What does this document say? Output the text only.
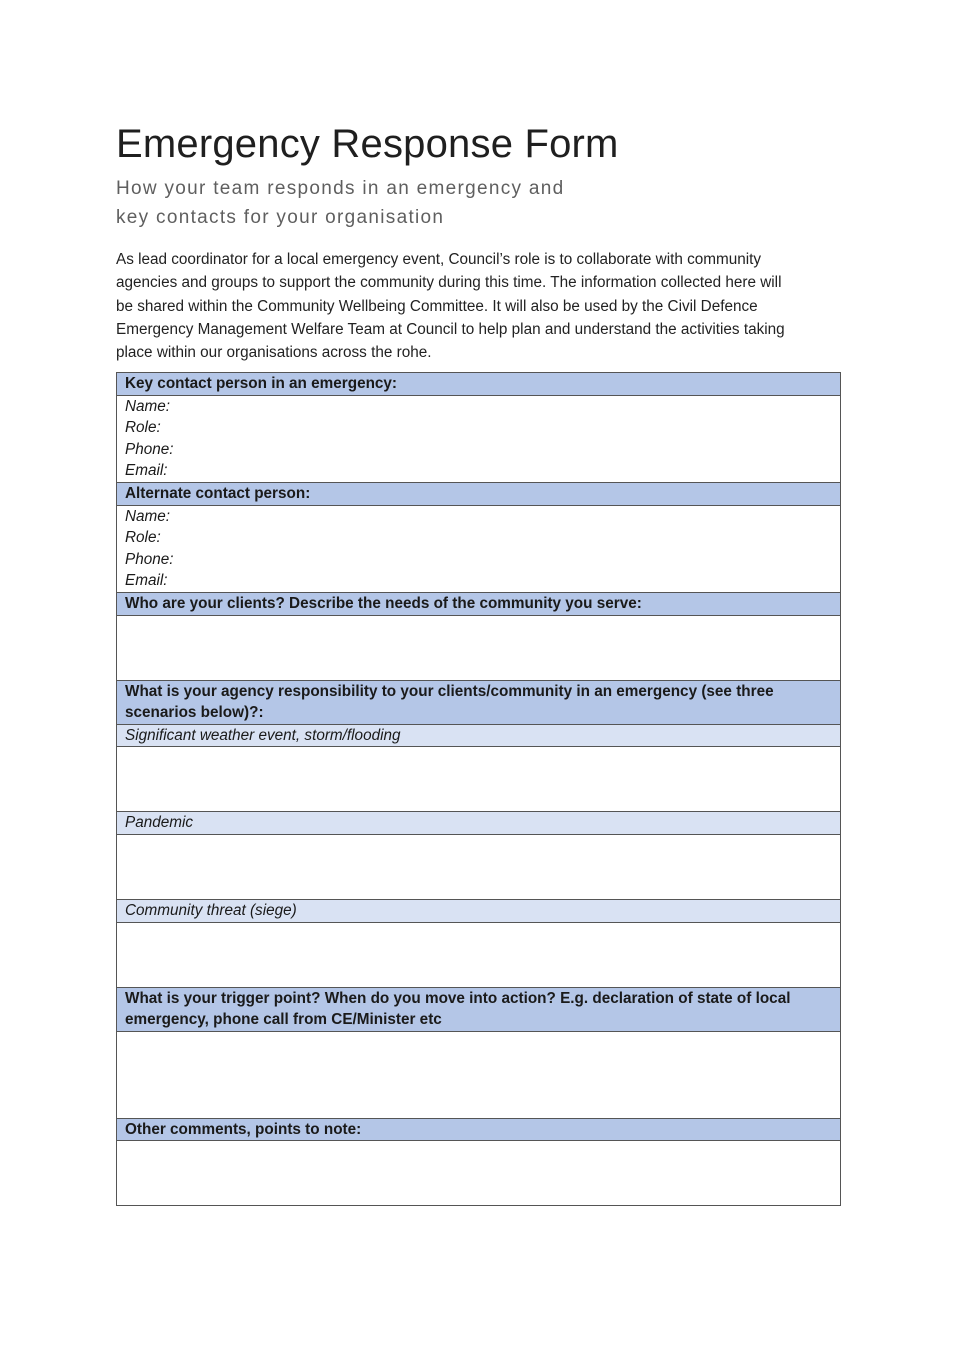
Emergency Response Form

How your team responds in an emergency and
key contacts for your organisation

As lead coordinator for a local emergency event, Council’s role is to collaborate with community
agencies and groups to support the community during this time. The information collected here will
be shared within the Community Wellbeing Committee. It will also be used by the Civil Defence
Emergency Management Welfare Team at Council to help plan and understand the activities taking
place within our organisations across the rohe.

Key contact person in an emergency:

Name:
Role:
Phone:
Email:

Alternate contact person:

Name:
Role:
Phone:
Email:

Who are your clients? Describe the needs of the community you serve:

What is your agency responsibility to your clients/community in an emergency (see three
scenarios below)?:

Significant weather event, storm/flooding

Pandemic

Community threat (siege)

What is your trigger point? When do you move into action? E.g. declaration of state of local
emergency, phone call from CE/Minister etc

Other comments, points to note:
